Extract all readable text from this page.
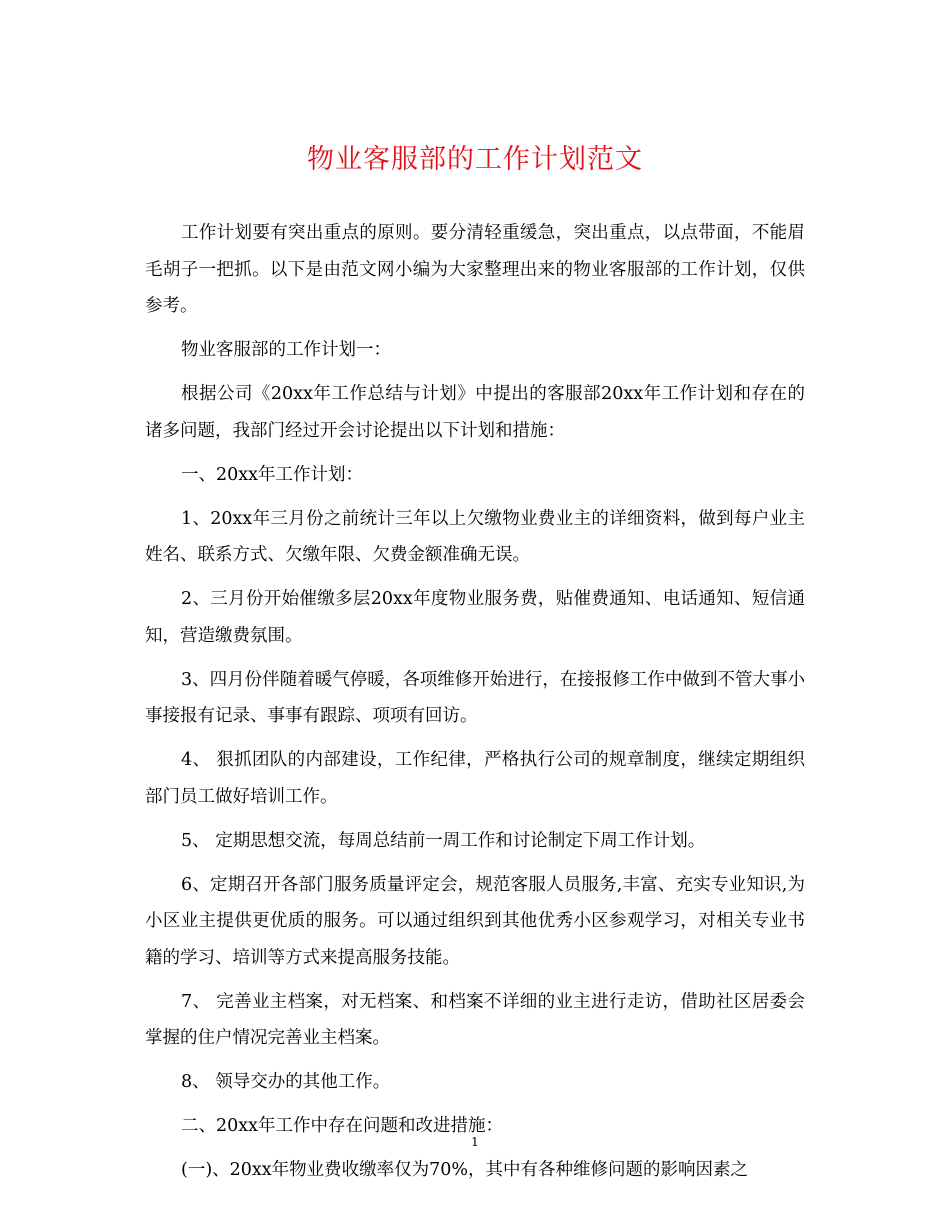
物业客服部的工作计划范文

工作计划要有突出重点的原则。要分清轻重缓急，突出重点，以点带面，不能眉毛胡子一把抓。以下是由范文网小编为大家整理出来的物业客服部的工作计划，仅供参考。

物业客服部的工作计划一：

根据公司《20xx年工作总结与计划》中提出的客服部20xx年工作计划和存在的诸多问题，我部门经过开会讨论提出以下计划和措施：

一、20xx年工作计划：

1、20xx年三月份之前统计三年以上欠缴物业费业主的详细资料，做到每户业主姓名、联系方式、欠缴年限、欠费金额准确无误。

2、三月份开始催缴多层20xx年度物业服务费，贴催费通知、电话通知、短信通知，营造缴费氛围。

3、四月份伴随着暖气停暖，各项维修开始进行，在接报修工作中做到不管大事小事接报有记录、事事有跟踪、项项有回访。

4、 狠抓团队的内部建设，工作纪律，严格执行公司的规章制度，继续定期组织部门员工做好培训工作。

5、 定期思想交流，每周总结前一周工作和讨论制定下周工作计划。

6、定期召开各部门服务质量评定会，规范客服人员服务,丰富、充实专业知识,为小区业主提供更优质的服务。可以通过组织到其他优秀小区参观学习，对相关专业书籍的学习、培训等方式来提高服务技能。

7、 完善业主档案，对无档案、和档案不详细的业主进行走访，借助社区居委会掌握的住户情况完善业主档案。

8、 领导交办的其他工作。

二、20xx年工作中存在问题和改进措施：

(一)、20xx年物业费收缴率仅为70%，其中有各种维修问题的影响因素之

1
